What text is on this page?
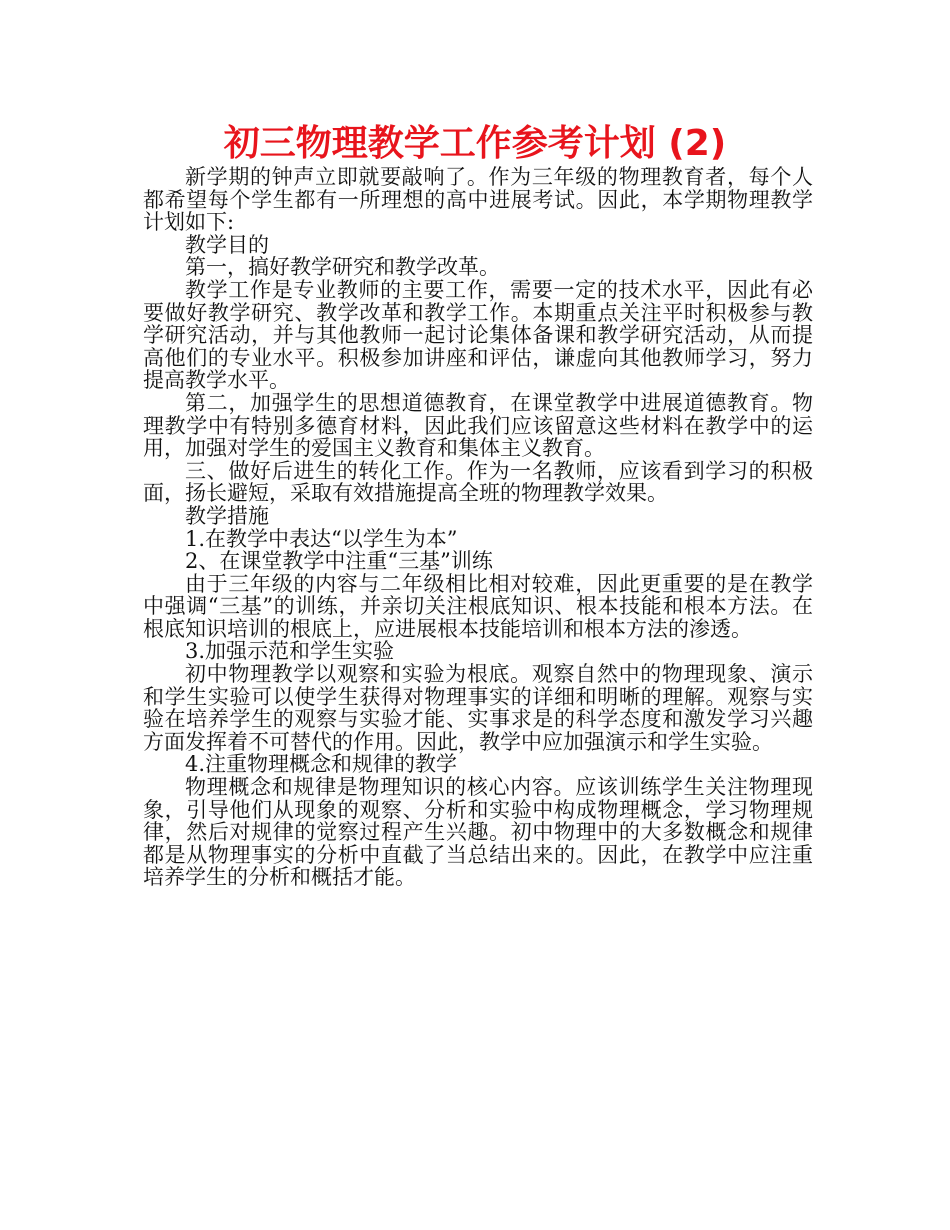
初三物理教学工作参考计划 (2)

新学期的钟声立即就要敲响了。作为三年级的物理教育者，每个人都希望每个学生都有一所理想的高中进展考试。因此，本学期物理教学计划如下:

教学目的

第一，搞好教学研究和教学改革。

教学工作是专业教师的主要工作，需要一定的技术水平，因此有必要做好教学研究、教学改革和教学工作。本期重点关注平时积极参与教学研究活动，并与其他教师一起讨论集体备课和教学研究活动，从而提高他们的专业水平。积极参加讲座和评估，谦虚向其他教师学习，努力提高教学水平。

第二，加强学生的思想道德教育，在课堂教学中进展道德教育。物理教学中有特别多德育材料，因此我们应该留意这些材料在教学中的运用，加强对学生的爱国主义教育和集体主义教育。

三、做好后进生的转化工作。作为一名教师，应该看到学习的积极面，扬长避短，采取有效措施提高全班的物理教学效果。

教学措施

1.在教学中表达“以学生为本”

2、在课堂教学中注重“三基”训练

由于三年级的内容与二年级相比相对较难，因此更重要的是在教学中强调“三基”的训练，并亲切关注根底知识、根本技能和根本方法。在根底知识培训的根底上，应进展根本技能培训和根本方法的渗透。

3.加强示范和学生实验

初中物理教学以观察和实验为根底。观察自然中的物理现象、演示和学生实验可以使学生获得对物理事实的详细和明晰的理解。观察与实验在培养学生的观察与实验才能、实事求是的科学态度和激发学习兴趣方面发挥着不可替代的作用。因此，教学中应加强演示和学生实验。

4.注重物理概念和规律的教学

物理概念和规律是物理知识的核心内容。应该训练学生关注物理现象，引导他们从现象的观察、分析和实验中构成物理概念，学习物理规律，然后对规律的觉察过程产生兴趣。初中物理中的大多数概念和规律都是从物理事实的分析中直截了当总结出来的。因此，在教学中应注重培养学生的分析和概括才能。
